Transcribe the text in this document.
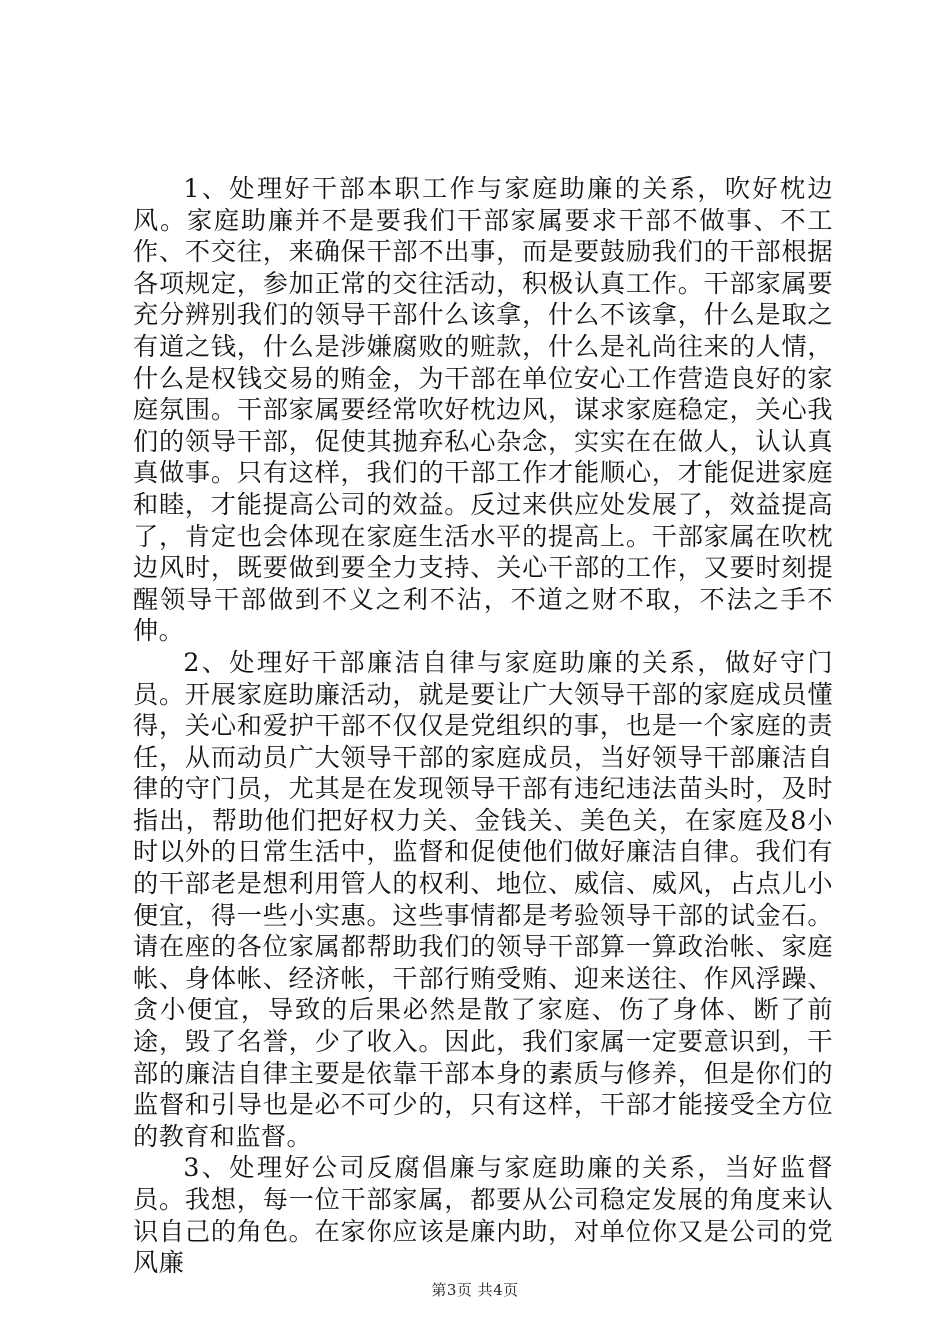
1、处理好干部本职工作与家庭助廉的关系，吹好枕边风。家庭助廉并不是要我们干部家属要求干部不做事、不工作、不交往，来确保干部不出事，而是要鼓励我们的干部根据各项规定，参加正常的交往活动，积极认真工作。干部家属要充分辨别我们的领导干部什么该拿，什么不该拿，什么是取之有道之钱，什么是涉嫌腐败的赃款，什么是礼尚往来的人情，什么是权钱交易的贿金，为干部在单位安心工作营造良好的家庭氛围。干部家属要经常吹好枕边风，谋求家庭稳定，关心我们的领导干部，促使其抛弃私心杂念，实实在在做人，认认真真做事。只有这样，我们的干部工作才能顺心，才能促进家庭和睦，才能提高公司的效益。反过来供应处发展了，效益提高了，肯定也会体现在家庭生活水平的提高上。干部家属在吹枕边风时，既要做到要全力支持、关心干部的工作，又要时刻提醒领导干部做到不义之利不沾，不道之财不取，不法之手不伸。

2、处理好干部廉洁自律与家庭助廉的关系，做好守门员。开展家庭助廉活动，就是要让广大领导干部的家庭成员懂得，关心和爱护干部不仅仅是党组织的事，也是一个家庭的责任，从而动员广大领导干部的家庭成员，当好领导干部廉洁自律的守门员，尤其是在发现领导干部有违纪违法苗头时，及时指出，帮助他们把好权力关、金钱关、美色关，在家庭及8小时以外的日常生活中，监督和促使他们做好廉洁自律。我们有的干部老是想利用管人的权利、地位、威信、威风，占点儿小便宜，得一些小实惠。这些事情都是考验领导干部的试金石。请在座的各位家属都帮助我们的领导干部算一算政治帐、家庭帐、身体帐、经济帐，干部行贿受贿、迎来送往、作风浮躁、贪小便宜，导致的后果必然是散了家庭、伤了身体、断了前途，毁了名誉，少了收入。因此，我们家属一定要意识到，干部的廉洁自律主要是依靠干部本身的素质与修养，但是你们的监督和引导也是必不可少的，只有这样，干部才能接受全方位的教育和监督。

3、处理好公司反腐倡廉与家庭助廉的关系，当好监督员。我想，每一位干部家属，都要从公司稳定发展的角度来认识自己的角色。在家你应该是廉内助，对单位你又是公司的党风廉

第3页 共4页
